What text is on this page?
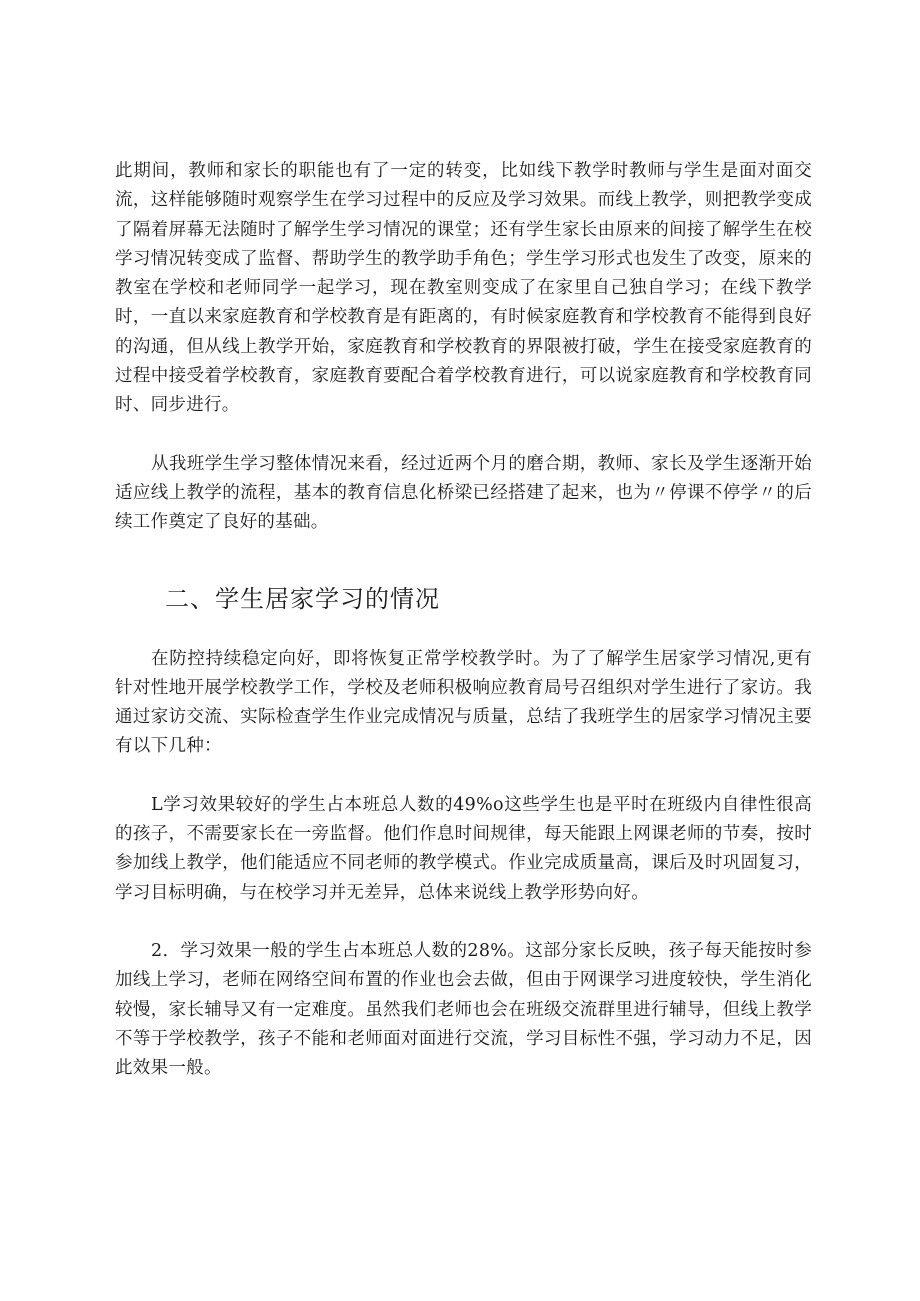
此期间，教师和家长的职能也有了一定的转变，比如线下教学时教师与学生是面对面交流，这样能够随时观察学生在学习过程中的反应及学习效果。而线上教学，则把教学变成了隔着屏幕无法随时了解学生学习情况的课堂；还有学生家长由原来的间接了解学生在校学习情况转变成了监督、帮助学生的教学助手角色；学生学习形式也发生了改变，原来的教室在学校和老师同学一起学习，现在教室则变成了在家里自己独自学习；在线下教学时，一直以来家庭教育和学校教育是有距离的，有时候家庭教育和学校教育不能得到良好的沟通，但从线上教学开始，家庭教育和学校教育的界限被打破，学生在接受家庭教育的过程中接受着学校教育，家庭教育要配合着学校教育进行，可以说家庭教育和学校教育同时、同步进行。

从我班学生学习整体情况来看，经过近两个月的磨合期，教师、家长及学生逐渐开始适应线上教学的流程，基本的教育信息化桥梁已经搭建了起来，也为〃停课不停学〃的后续工作奠定了良好的基础。

二、学生居家学习的情况

在防控持续稳定向好，即将恢复正常学校教学时。为了了解学生居家学习情况,更有针对性地开展学校教学工作，学校及老师积极响应教育局号召组织对学生进行了家访。我通过家访交流、实际检查学生作业完成情况与质量，总结了我班学生的居家学习情况主要有以下几种：

L学习效果较好的学生占本班总人数的49%o这些学生也是平时在班级内自律性很高的孩子，不需要家长在一旁监督。他们作息时间规律，每天能跟上网课老师的节奏，按时参加线上教学，他们能适应不同老师的教学模式。作业完成质量高，课后及时巩固复习，学习目标明确，与在校学习并无差异，总体来说线上教学形势向好。

2．学习效果一般的学生占本班总人数的28%。这部分家长反映，孩子每天能按时参加线上学习，老师在网络空间布置的作业也会去做，但由于网课学习进度较快，学生消化较慢，家长辅导又有一定难度。虽然我们老师也会在班级交流群里进行辅导，但线上教学不等于学校教学，孩子不能和老师面对面进行交流，学习目标性不强，学习动力不足，因此效果一般。
